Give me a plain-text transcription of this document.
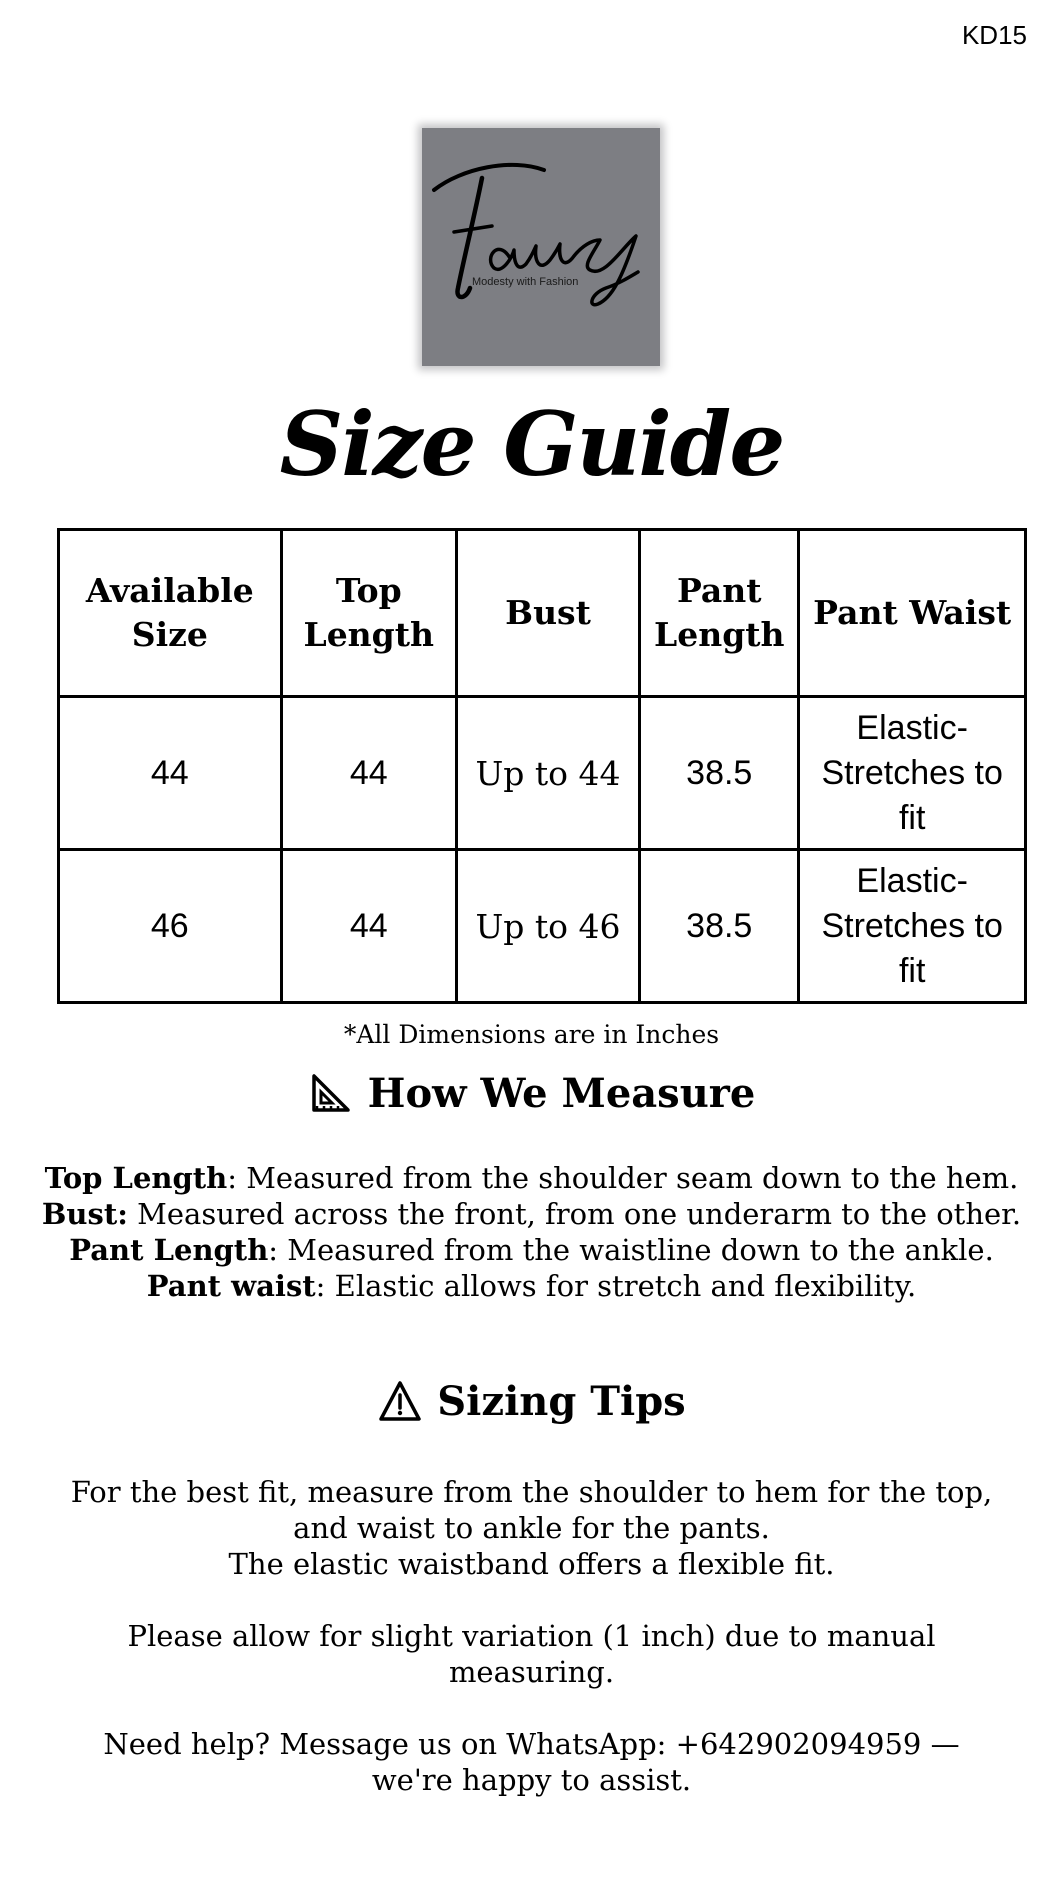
KD15
Modesty with Fashion
Size Guide
Available Size	Top Length	Bust	Pant Length	Pant Waist
44	44	Up to 44	38.5	Elastic-Stretches to fit
46	44	Up to 46	38.5	Elastic-Stretches to fit
*All Dimensions are in Inches
How We Measure
Top Length: Measured from the shoulder seam down to the hem.
Bust: Measured across the front, from one underarm to the other.
Pant Length: Measured from the waistline down to the ankle.
Pant waist: Elastic allows for stretch and flexibility.
Sizing Tips

For the best fit, measure from the shoulder to hem for the top, and waist to ankle for the pants.

The elastic waistband offers a flexible fit.

Please allow for slight variation (1 inch) due to manual measuring.

Need help? Message us on WhatsApp: +642902094959 — we're happy to assist.
